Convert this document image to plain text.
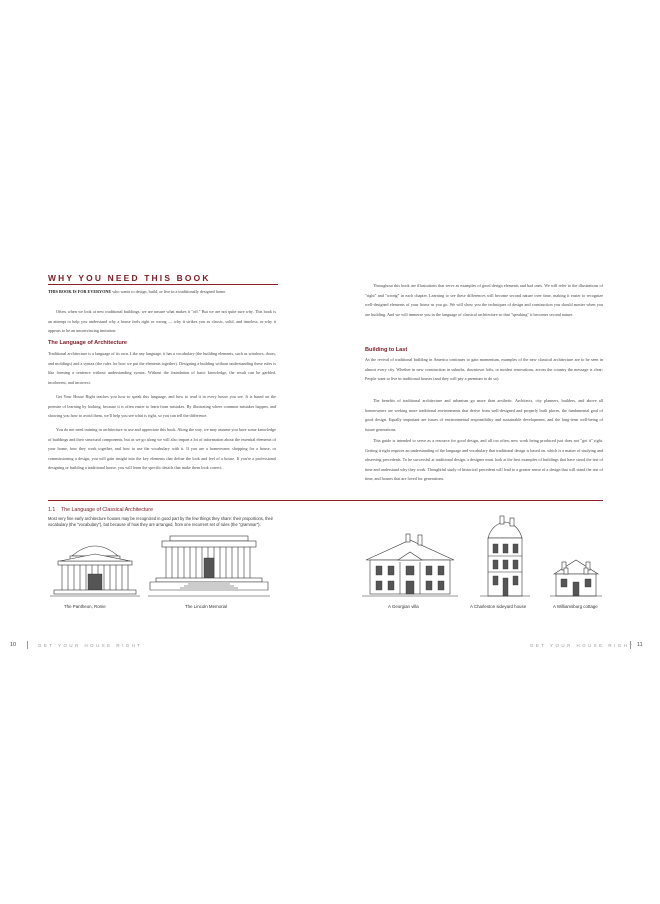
WHY YOU NEED THIS BOOK
THIS BOOK IS FOR EVERYONE who wants to design, build, or live in a traditionally designed home.
Often, when we look at new traditional buildings, we are unsure what makes it "off." But we are not quite sure why. This book is an attempt to help you understand why a house feels right or wrong — why it strikes you as classic, solid, and timeless, or why it appears to be an unconvincing imitation.
The Language of Architecture
Traditional architecture is a language of its own. Like any language, it has a vocabulary (the building elements, such as windows, doors, and moldings) and a syntax (the rules for how we put the elements together). Designing a building without understanding these rules is like forming a sentence without understanding syntax. Without the foundation of basic knowledge, the result can be garbled, incoherent, and incorrect.
Get Your House Right teaches you how to speak this language, and how to read it in every house you see. It is based on the premise of learning by looking, because it is often easier to learn from mistakes. By illustrating where common mistakes happen, and showing you how to avoid them, we'll help you see what is right, so you can tell the difference.
You do not need training in architecture to use and appreciate this book. Along the way, we may assume you have some knowledge of buildings and their structural components, but as we go along we will also impart a lot of information about the essential elements of your home, how they work together, and how to use the vocabulary with it. If you are a homeowner, shopping for a house, or commissioning a design, you will gain insight into the key elements that define the look and feel of a house. If you're a professional designing or building a traditional house, you will learn the specific details that make them look correct.
Throughout this book are illustrations that serve as examples of good design elements and bad ones. We will refer to the illustrations of "right" and "wrong" in each chapter. Learning to see these differences will become second nature over time, making it easier to recognize well-designed elements of your house as you go. We will show you the techniques of design and construction you should master when you are building. And we will immerse you in the language of classical architecture so that "speaking" it becomes second nature.
Building to Last
As the revival of traditional building in America continues to gain momentum, examples of the new classical architecture are to be seen in almost every city. Whether in new construction in suburbs, downtown lofts, or modest renovations, across the country the message is clear: People want to live in traditional houses (and they will pay a premium to do so).
The benefits of traditional architecture and urbanism go more than aesthetic. Architects, city planners, builders, and above all homeowners are seeking more traditional environments that derive from well-designed and properly built places, the fundamental goal of good design. Equally important are issues of environmental responsibility and sustainable development, and the long-term well-being of future generations.
This guide is intended to serve as a resource for good design, and all too often, new work being produced just does not "get it" right. Getting it right requires an understanding of the language and vocabulary that traditional design is based on, which is a matter of studying and observing precedents. To be successful at traditional design, a designer must look at the best examples of buildings that have stood the test of time and understand why they work. Thoughtful study of historical precedent will lead to a greater sense of a design that will stand the test of time, and houses that are loved for generations.
1.1 The Language of Classical Architecture
Most very fine early architecture houses may be recognized in good part by the few things they share: their proportions, their vocabulary (the "vocabulary"), but because of how they are arranged, from one recurrent set of rules (the "grammar").
The Pantheon, Rome	The Lincoln Memorial	A Georgian villa	A Charleston sideyard house	A Williamsburg cottage
10	GET YOUR HOUSE RIGHT	GET YOUR HOUSE RIGHT 11
